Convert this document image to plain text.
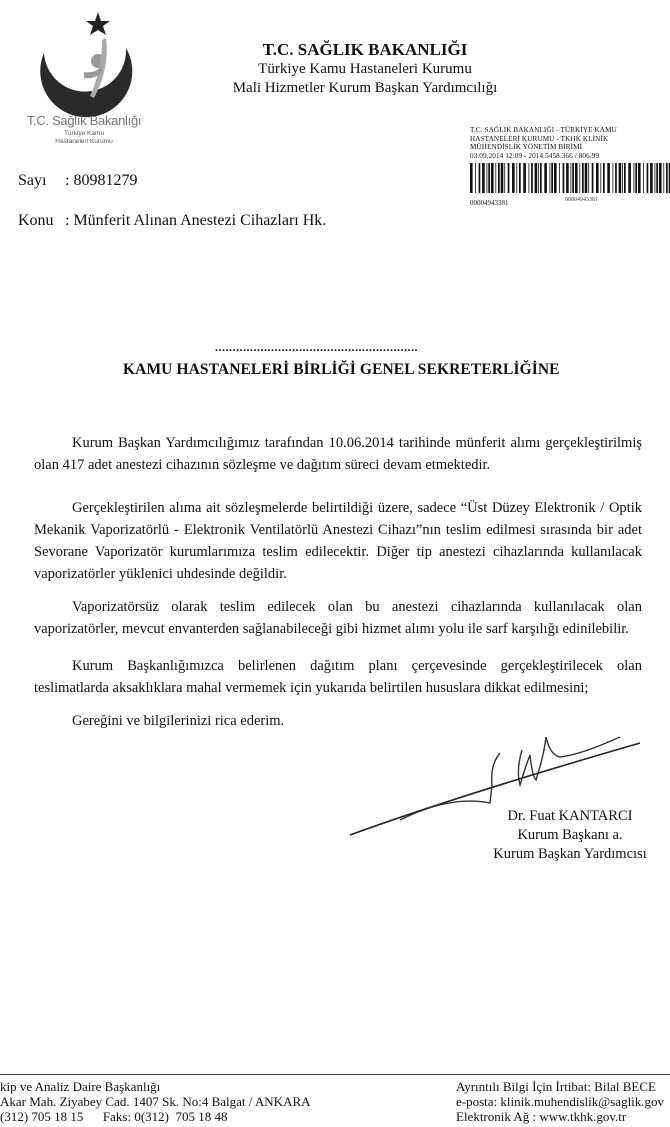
T.C. Sağlık Bakanlığı
Türkiye Kamu
Hastaneleri Kurumu
T.C. SAĞLIK BAKANLIĞI
Türkiye Kamu Hastaneleri Kurumu
Mali Hizmetler Kurum Başkan Yardımcılığı
T.C. SAĞLIK BAKANLIĞI - TÜRKİYE KAMU
HASTANELERİ KURUMU - TKHK KLİNİK
MÜHENDİSLİK YÖNETİM BİRİMİ
03.09.2014 12:09 - 2014.5458.366 / 806.99
00004943381
00004943381
Sayı : 80981279
Konu : Münferit Alınan Anestezi Cihazları Hk.
..........................................................
KAMU HASTANELERİ BİRLİĞİ GENEL SEKRETERLİĞİNE
Kurum Başkan Yardımcılığımız tarafından 10.06.2014 tarihinde münferit alımı gerçekleştirilmiş olan 417 adet anestezi cihazının sözleşme ve dağıtım süreci devam etmektedir.
Gerçekleştirilen alıma ait sözleşmelerde belirtildiği üzere, sadece “Üst Düzey Elektronik / Optik Mekanik Vaporizatörlü - Elektronik Ventilatörlü Anestezi Cihazı”nın teslim edilmesi sırasında bir adet Sevorane Vaporizatör kurumlarımıza teslim edilecektir. Diğer tip anestezi cihazlarında kullanılacak vaporizatörler yüklenici uhdesinde değildir.
Vaporizatörsüz olarak teslim edilecek olan bu anestezi cihazlarında kullanılacak olan vaporizatörler, mevcut envanterden sağlanabileceği gibi hizmet alımı yolu ile sarf karşılığı edinilebilir.
Kurum Başkanlığımızca belirlenen dağıtım planı çerçevesinde gerçekleştirilecek olan teslimatlarda aksaklıklara mahal vermemek için yukarıda belirtilen hususlara dikkat edilmesini;
Gereğini ve bilgilerinizi rica ederim.
Dr. Fuat KANTARCI
Kurum Başkanı a.
Kurum Başkan Yardımcısı
kip ve Analiz Daire Başkanlığı
Akar Mah. Ziyabey Cad. 1407 Sk. No:4 Balgat / ANKARA
(312) 705 18 15      Faks: 0(312)  705 18 48
Ayrıntılı Bilgi İçin İrtibat: Bilal BECE
e-posta: klinik.muhendislik@saglik.gov
Elektronik Ağ : www.tkhk.gov.tr
